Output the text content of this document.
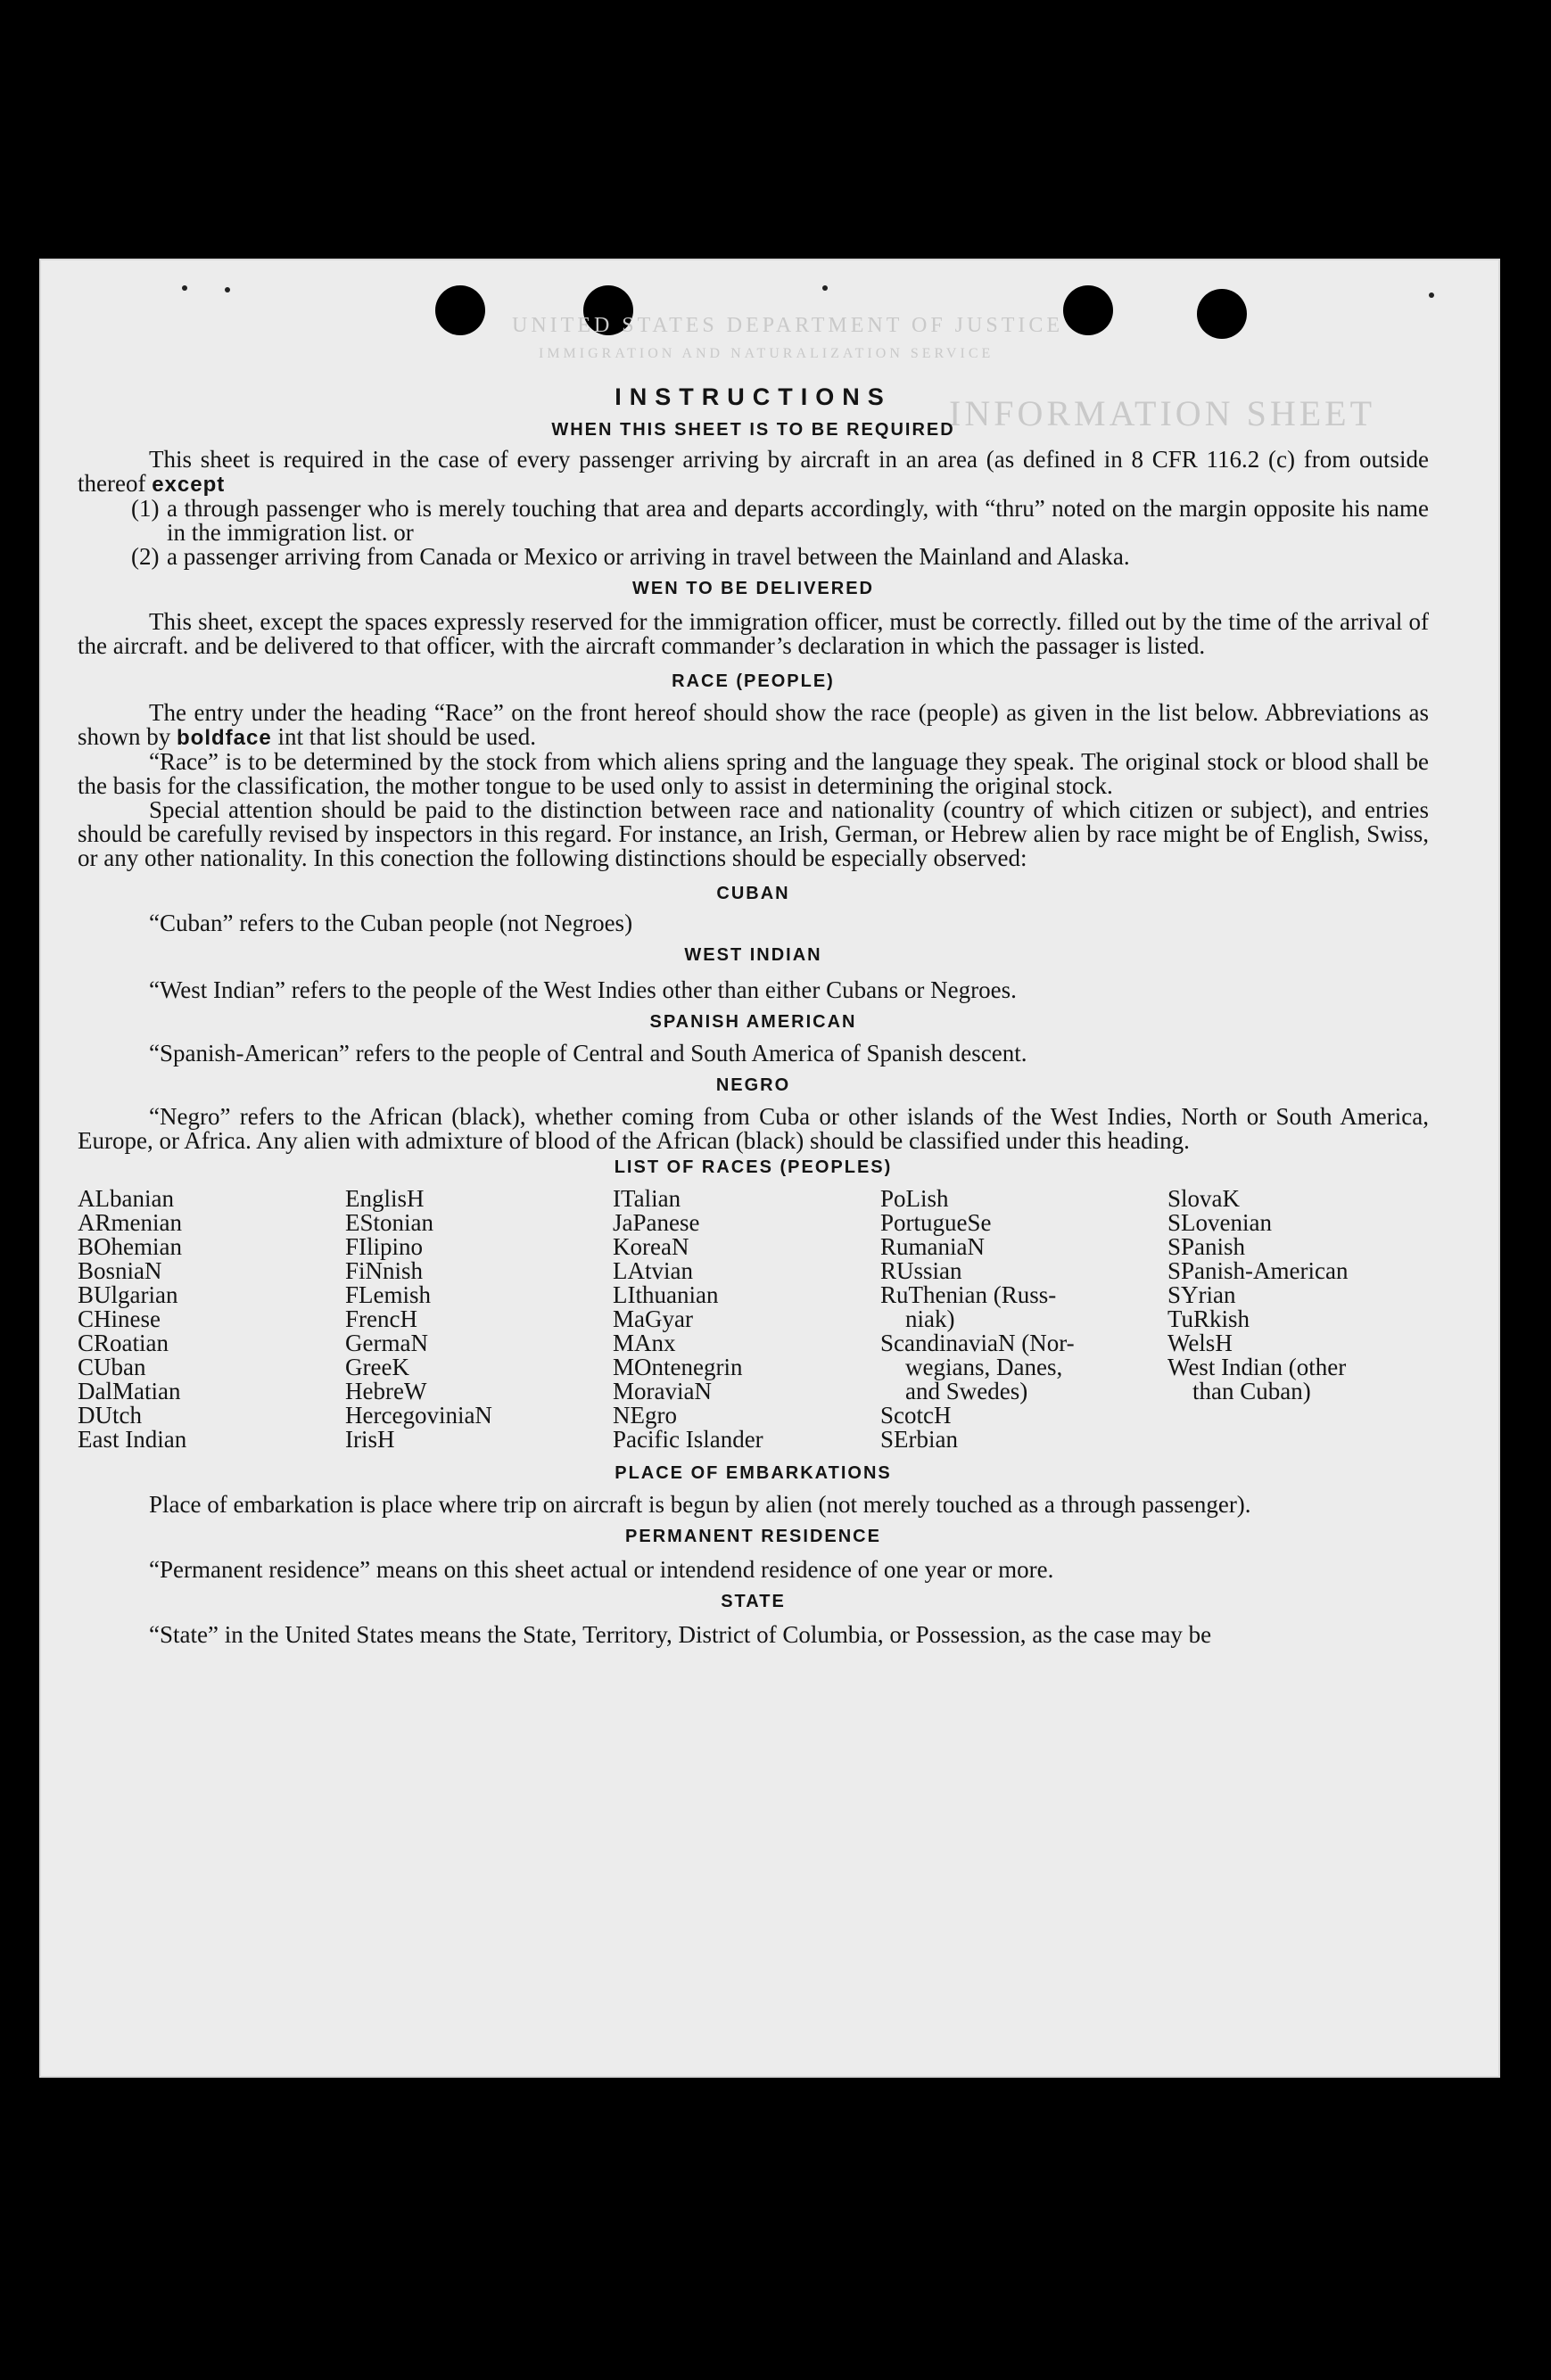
UNITED STATES DEPARTMENT OF JUSTICE
IMMIGRATION AND NATURALIZATION SERVICE
INFORMATION SHEET
INSTRUCTIONS
WHEN THIS SHEET IS TO BE REQUIRED

This sheet is required in the case of every passenger arriving by aircraft in an area (as defined in 8 CFR 116.2 (c) from outside thereof except

(1) a through passenger who is merely touching that area and departs accordingly, with “thru” noted on the margin opposite his name in the immigration list. or
(2) a passenger arriving from Canada or Mexico or arriving in travel between the Mainland and Alaska.
WEN TO BE DELIVERED

This sheet, except the spaces expressly reserved for the immigration officer, must be correctly. filled out by the time of the arrival of the aircraft. and be delivered to that officer, with the aircraft commander’s declaration in which the passager is listed.

RACE (PEOPLE)

The entry under the heading “Race” on the front hereof should show the race (people) as given in the list below. Abbreviations as shown by boldface int that list should be used.

“Race” is to be determined by the stock from which aliens spring and the language they speak. The original stock or blood shall be the basis for the classification, the mother tongue to be used only to assist in determining the original stock.

Special attention should be paid to the distinction between race and nationality (country of which citizen or subject), and entries should be carefully revised by inspectors in this regard. For instance, an Irish, German, or Hebrew alien by race might be of English, Swiss, or any other nationality. In this conection the following distinctions should be especially observed:

CUBAN

“Cuban” refers to the Cuban people (not Negroes)

WEST INDIAN

“West Indian” refers to the people of the West Indies other than either Cubans or Negroes.

SPANISH AMERICAN

“Spanish-American” refers to the people of Central and South America of Spanish descent.

NEGRO

“Negro” refers to the African (black), whether coming from Cuba or other islands of the West Indies, North or South America, Europe, or Africa. Any alien with admixture of blood of the African (black) should be classified under this heading.

LIST OF RACES (PEOPLES)
ALbanian
ARmenian
BOhemian
BosniaN
BUlgarian
CHinese
CRoatian
CUban
DalMatian
DUtch
East Indian
EnglisH
EStonian
FIlipino
FiNnish
FLemish
FrencH
GermaN
GreeK
HebreW
HercegoviniaN
IrisH
ITalian
JaPanese
KoreaN
LAtvian
LIthuanian
MaGyar
MAnx
MOntenegrin
MoraviaN
NEgro
Pacific Islander
PoLish
PortugueSe
RumaniaN
RUssian
RuThenian (Russ-
niak)
ScandinaviaN (Nor-
wegians, Danes,
and Swedes)
ScotcH
SErbian
SlovaK
SLovenian
SPanish
SPanish-American
SYrian
TuRkish
WelsH
West Indian (other
than Cuban)
PLACE OF EMBARKATIONS

Place of embarkation is place where trip on aircraft is begun by alien (not merely touched as a through passenger).

PERMANENT RESIDENCE

“Permanent residence” means on this sheet actual or intendend residence of one year or more.

STATE

“State” in the United States means the State, Territory, District of Columbia, or Possession, as the case may be
